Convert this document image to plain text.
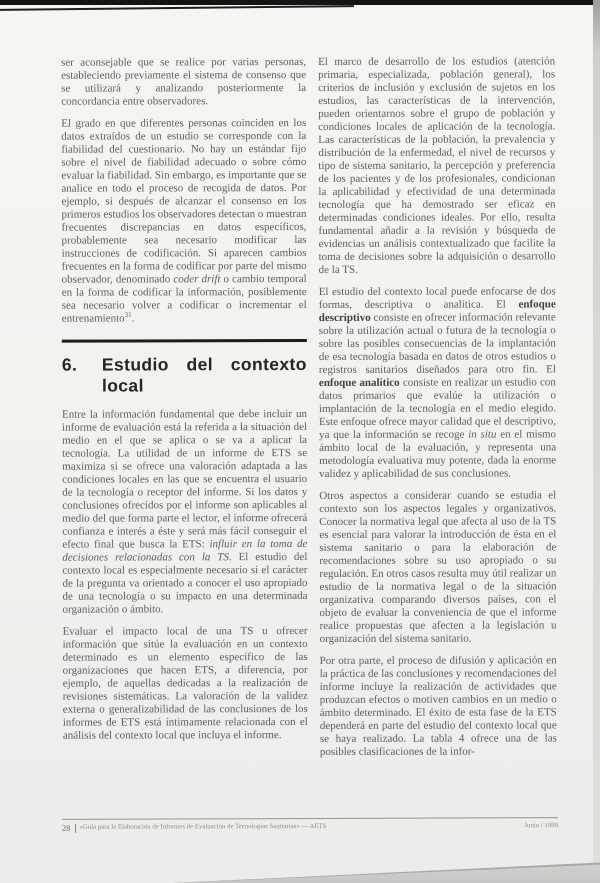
ser aconsejable que se realice por varias personas, estableciendo previamente el sistema de consenso que se utilizará y analizando posteriormente la concordancia entre observadores.

El grado en que diferentes personas coinciden en los datos extraídos de un estudio se corresponde con la fiabilidad del cuestionario. No hay un estándar fijo sobre el nivel de fiabilidad adecuado o sobre cómo evaluar la fiabilidad. Sin embargo, es importante que se analice en todo el proceso de recogida de datos. Por ejemplo, si después de alcanzar el consenso en los primeros estudios los observadores detectan o muestran frecuentes discrepancias en datos específicos, probablemente sea necesario modificar las instrucciones de codificación. Si aparecen cambios frecuentes en la forma de codificar por parte del mismo observador, denominado coder drift o cambio temporal en la forma de codificar la información, posiblemente sea necesario volver a codificar o incrementar el entrenamiento$^{31}$.

6.	Estudio del contexto local

Entre la información fundamental que debe incluir un informe de evaluación está la referida a la situación del medio en el que se aplica o se va a aplicar la tecnología. La utilidad de un informe de ETS se maximiza si se ofrece una valoración adaptada a las condiciones locales en las que se encuentra el usuario de la tecnología o receptor del informe. Si los datos y conclusiones ofrecidos por el informe son aplicables al medio del que forma parte el lector, el informe ofrecerá confianza e interés a éste y será más fácil conseguir el efecto final que busca la ETS: influir en la toma de decisiones relacionadas con la TS. El estudio del contexto local es especialmente necesario si el carácter de la pregunta va orientado a conocer el uso apropiado de una tecnología o su impacto en una determinada organización o ámbito.

Evaluar el impacto local de una TS u ofrecer información que sitúe la evaluación en un contexto determinado es un elemento específico de las organizaciones que hacen ETS, a diferencia, por ejemplo, de aquellas dedicadas a la realización de revisiones sistemáticas. La valoración de la validez externa o generalizabilidad de las conclusiones de los informes de ETS está íntimamente relacionada con el análisis del contexto local que incluya el informe.

El marco de desarrollo de los estudios (atención primaria, especializada, población general), los criterios de inclusión y exclusión de sujetos en los estudios, las características de la intervención, pueden orientarnos sobre el grupo de población y condiciones locales de aplicación de la tecnología. Las características de la población, la prevalencia y distribución de la enfermedad, el nivel de recursos y tipo de sistema sanitario, la percepción y preferencia de los pacientes y de los profesionales, condicionan la aplicabilidad y efectividad de una determinada tecnología que ha demostrado ser eficaz en determinadas condiciones ideales. Por ello, resulta fundamental añadir a la revisión y búsqueda de evidencias un análisis contextualizado que facilite la toma de decisiones sobre la adquisición o desarrollo de la TS.

El estudio del contexto local puede enfocarse de dos formas, descriptiva o analítica. El enfoque descriptivo consiste en ofrecer información relevante sobre la utilización actual o futura de la tecnología o sobre las posibles consecuencias de la implantación de esa tecnología basada en datos de otros estudios o registros sanitarios diseñados para otro fin. El enfoque analítico consiste en realizar un estudio con datos primarios que evalúe la utilización o implantación de la tecnología en el medio elegido. Este enfoque ofrece mayor calidad que el descriptivo, ya que la información se recoge in situ en el mismo ámbito local de la evaluación, y representa una metodología evaluativa muy potente, dada la enorme validez y aplicabilidad de sus conclusiones.

Otros aspectos a considerar cuando se estudia el contexto son los aspectos legales y organizativos. Conocer la normativa legal que afecta al uso de la TS es esencial para valorar la introducción de ésta en el sistema sanitario o para la elaboración de recomendaciones sobre su uso apropiado o su regulación. En otros casos resulta muy útil realizar un estudio de la normativa legal o de la situación organizativa comparando diversos países, con el objeto de evaluar la conveniencia de que el informe realice propuestas que afecten a la legislación u organización del sistema sanitario.

Por otra parte, el proceso de difusión y aplicación en la práctica de las conclusiones y recomendaciones del informe incluye la realización de actividades que produzcan efectos o motiven cambios en un medio o ámbito determinado. El éxito de esta fase de la ETS dependerá en parte del estudio del contexto local que se haya realizado. La tabla 4 ofrece una de las posibles clasificaciones de la infor-

28 «Guía para la Elaboración de Informes de Evaluación de Tecnologías Sanitarias» — AETS	Junio / 1999
